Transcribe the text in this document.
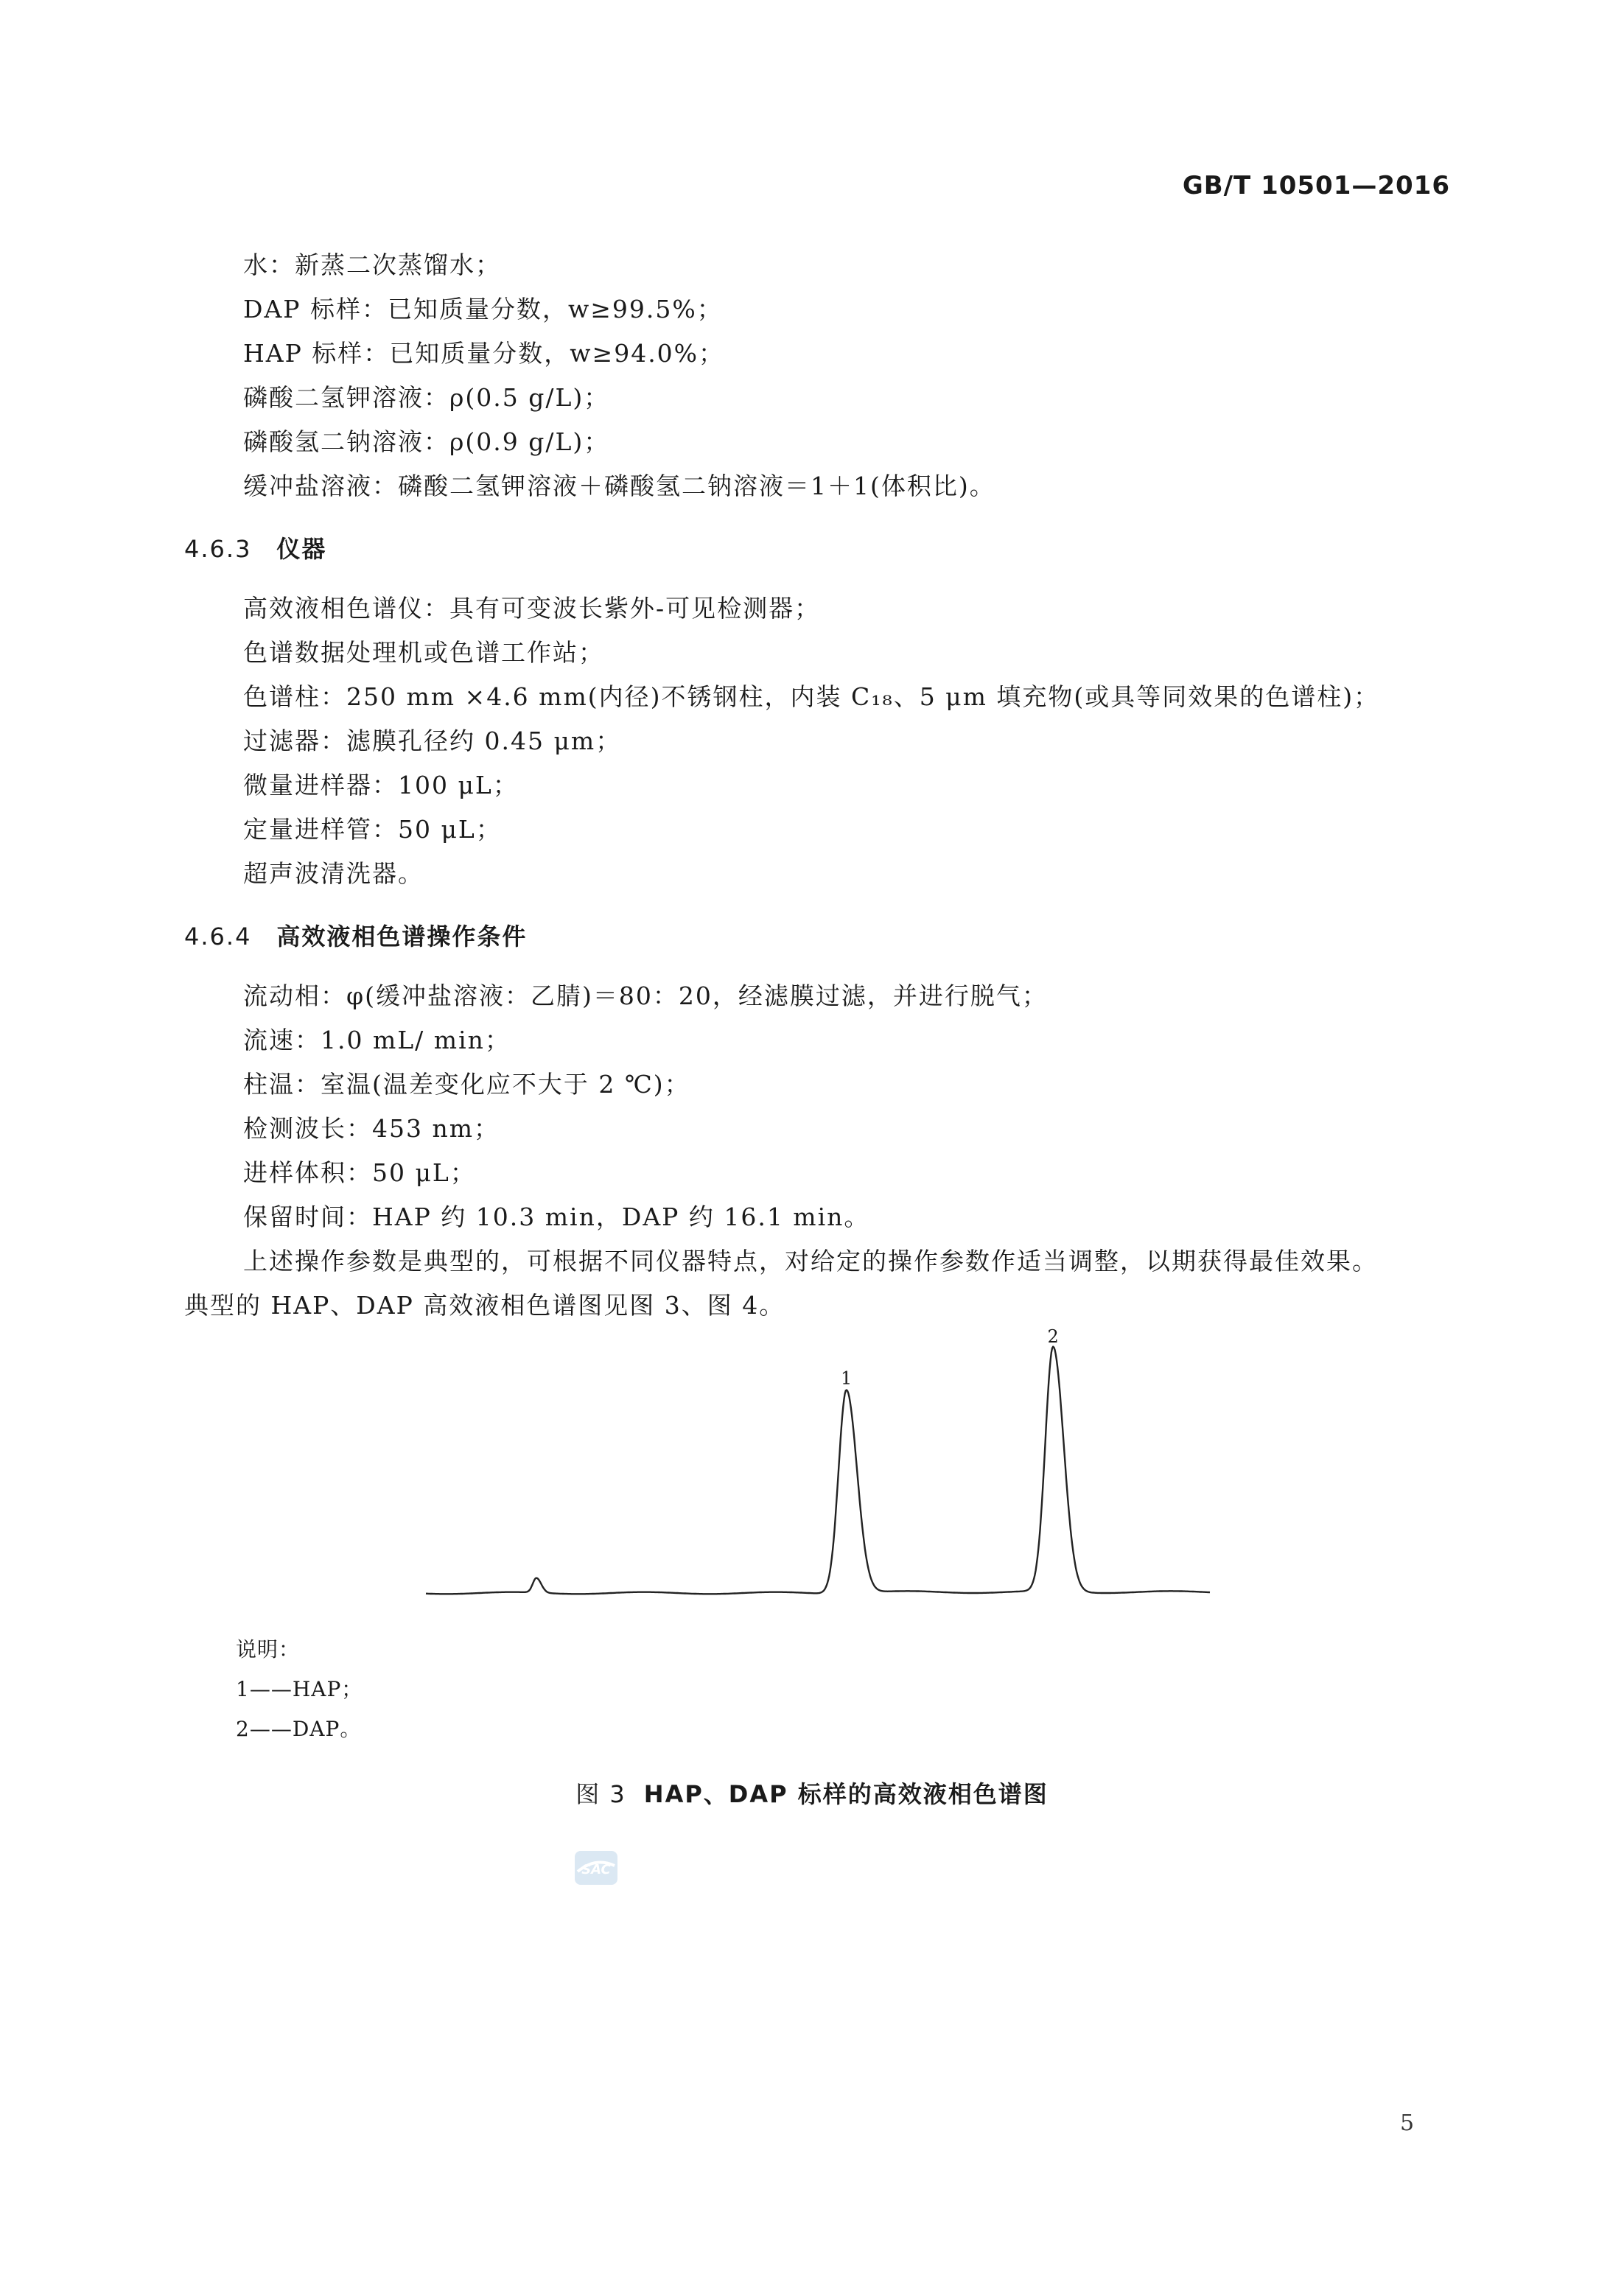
GB/T 10501—2016
水：新蒸二次蒸馏水；
DAP 标样：已知质量分数，w≥99.5%；
HAP 标样：已知质量分数，w≥94.0%；
磷酸二氢钾溶液：ρ(0.5 g/L)；
磷酸氢二钠溶液：ρ(0.9 g/L)；
缓冲盐溶液：磷酸二氢钾溶液＋磷酸氢二钠溶液＝1＋1(体积比)。
4.6.3 仪器
高效液相色谱仪：具有可变波长紫外-可见检测器；
色谱数据处理机或色谱工作站；
色谱柱：250 mm ×4.6 mm(内径)不锈钢柱，内装 C₁₈、5 μm 填充物(或具等同效果的色谱柱)；
过滤器：滤膜孔径约 0.45 μm；
微量进样器：100 μL；
定量进样管：50 μL；
超声波清洗器。
4.6.4 高效液相色谱操作条件
流动相：φ(缓冲盐溶液：乙腈)＝80：20，经滤膜过滤，并进行脱气；
流速：1.0 mL/ min；
柱温：室温(温差变化应不大于 2 ℃)；
检测波长：453 nm；
进样体积：50 μL；
保留时间：HAP 约 10.3 min，DAP 约 16.1 min。
上述操作参数是典型的，可根据不同仪器特点，对给定的操作参数作适当调整，以期获得最佳效果。
典型的 HAP、DAP 高效液相色谱图见图 3、图 4。
1
2
说明：
1——HAP；
2——DAP。
图 3 HAP、DAP 标样的高效液相色谱图
SAC
5
